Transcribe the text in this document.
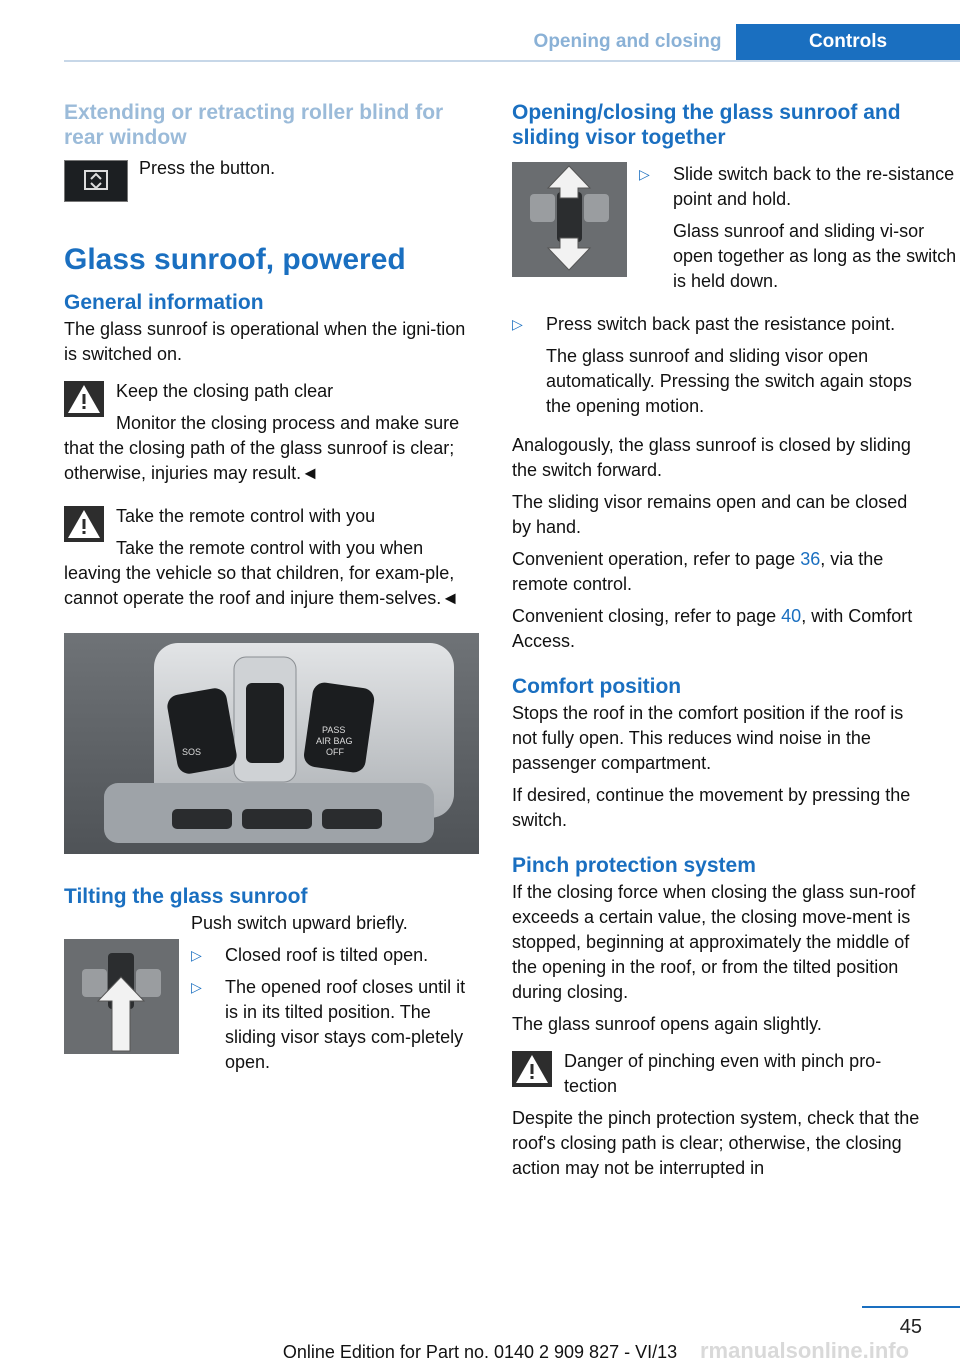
Opening and closing	Controls
Extending or retracting roller blind for rear window

Press the button.

Glass sunroof, powered
General information

The glass sunroof is operational when the igni-tion is switched on.

Keep the closing path clear

Monitor the closing process and make sure that the closing path of the glass sunroof is clear; otherwise, injuries may result.◄

Take the remote control with you

Take the remote control with you when leaving the vehicle so that children, for exam-ple, cannot operate the roof and injure them-selves.◄

SOS
PASS
AIR BAG
OFF
Tilting the glass sunroof

Push switch upward briefly.

▷ Closed roof is tilted open.
▷ The opened roof closes until it is in its tilted position. The sliding visor stays com-pletely open.
Opening/closing the glass sunroof and sliding visor together
▷ Slide switch back to the re-sistance point and hold.
Glass sunroof and sliding vi-sor open together as long as the switch is held down.
▷ Press switch back past the resistance point.
The glass sunroof and sliding visor open automatically. Pressing the switch again stops the opening motion.

Analogously, the glass sunroof is closed by sliding the switch forward.

The sliding visor remains open and can be closed by hand.

Convenient operation, refer to page 36, via the remote control.

Convenient closing, refer to page 40, with Comfort Access.

Comfort position

Stops the roof in the comfort position if the roof is not fully open. This reduces wind noise in the passenger compartment.

If desired, continue the movement by pressing the switch.

Pinch protection system

If the closing force when closing the glass sun-roof exceeds a certain value, the closing move-ment is stopped, beginning at approximately the middle of the opening in the roof, or from the tilted position during closing.

The glass sunroof opens again slightly.

Danger of pinching even with pinch pro-tection

Despite the pinch protection system, check that the roof's closing path is clear; otherwise, the closing action may not be interrupted in

45
rmanualsonline.info
Online Edition for Part no. 0140 2 909 827 - VI/13
